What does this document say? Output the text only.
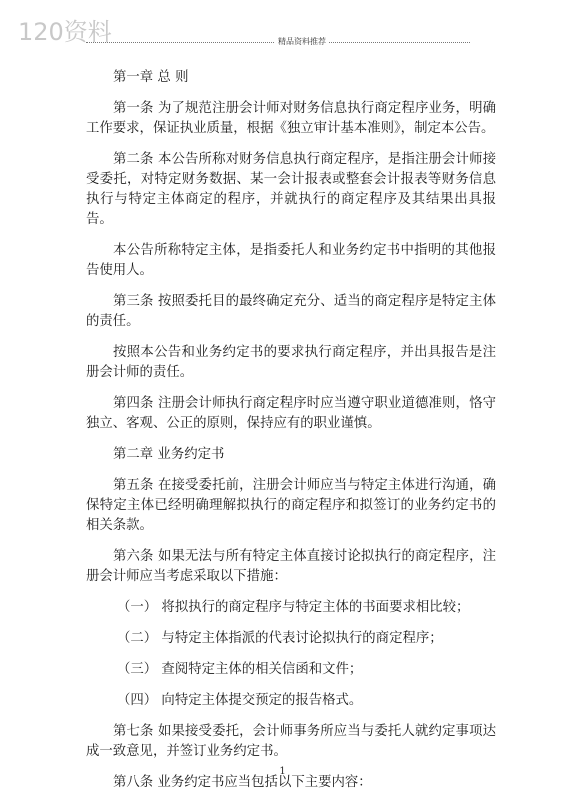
120资料	精品资料推荐

第一章 总 则

第一条 为了规范注册会计师对财务信息执行商定程序业务，明确工作要求，保证执业质量，根据《独立审计基本准则》，制定本公告。

第二条 本公告所称对财务信息执行商定程序，是指注册会计师接受委托，对特定财务数据、某一会计报表或整套会计报表等财务信息执行与特定主体商定的程序，并就执行的商定程序及其结果出具报告。

本公告所称特定主体，是指委托人和业务约定书中指明的其他报告使用人。

第三条 按照委托目的最终确定充分、适当的商定程序是特定主体的责任。

按照本公告和业务约定书的要求执行商定程序，并出具报告是注册会计师的责任。

第四条 注册会计师执行商定程序时应当遵守职业道德准则，恪守独立、客观、公正的原则，保持应有的职业谨慎。

第二章 业务约定书

第五条 在接受委托前，注册会计师应当与特定主体进行沟通，确保特定主体已经明确理解拟执行的商定程序和拟签订的业务约定书的相关条款。

第六条 如果无法与所有特定主体直接讨论拟执行的商定程序，注册会计师应当考虑采取以下措施：

（一） 将拟执行的商定程序与特定主体的书面要求相比较；

（二） 与特定主体指派的代表讨论拟执行的商定程序；

（三） 查阅特定主体的相关信函和文件；

（四） 向特定主体提交预定的报告格式。

第七条 如果接受委托，会计师事务所应当与委托人就约定事项达成一致意见，并签订业务约定书。

第八条 业务约定书应当包括以下主要内容：

1
